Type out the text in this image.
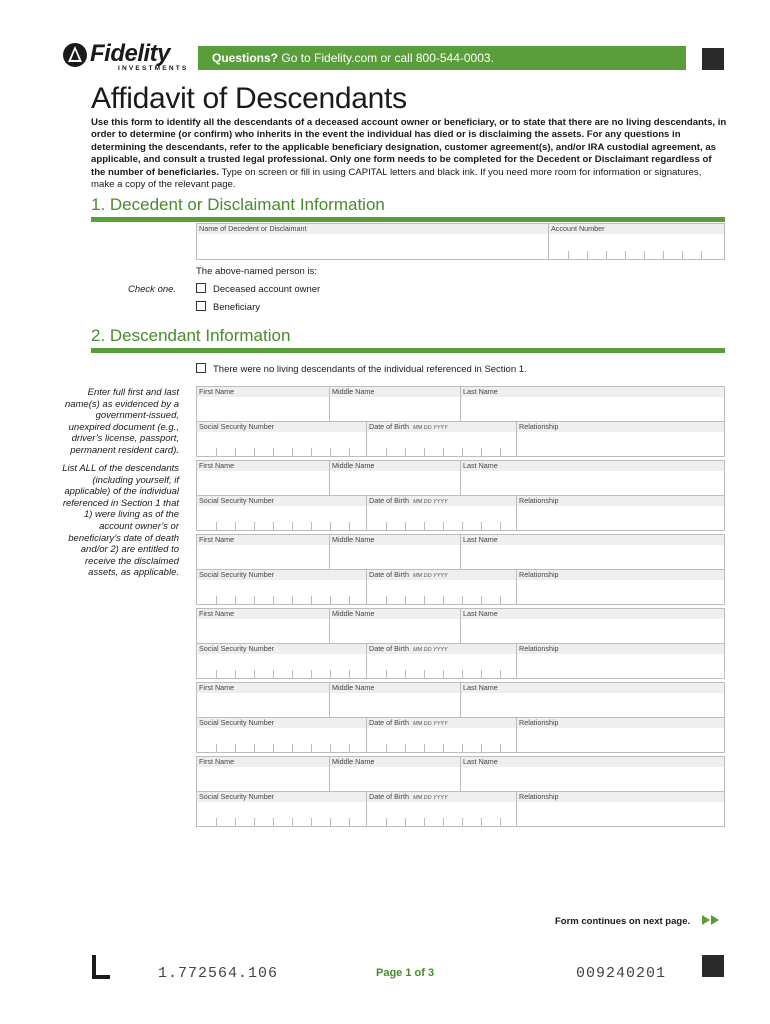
Fidelity
INVESTMENTS
Questions? Go to Fidelity.com or call 800-544-0003.
Affidavit of Descendants
Use this form to identify all the descendants of a deceased account owner or beneficiary, or to state that there are no living descendants, in order to determine (or confirm) who inherits in the event the individual has died or is disclaiming the assets. For any questions in determining the descendants, refer to the applicable beneficiary designation, customer agreement(s), and/or IRA custodial agreement, as applicable, and consult a trusted legal professional. Only one form needs to be completed for the Decedent or Disclaimant regardless of the number of beneficiaries. Type on screen or fill in using CAPITAL letters and black ink. If you need more room for information or signatures, make a copy of the relevant page.
1. Decedent or Disclaimant Information
Name of Decedent or Disclaimant	Account Number
The above-named person is:
Check one.	Deceased account owner
Beneficiary
2. Descendant Information
There were no living descendants of the individual referenced in Section 1.
Enter full first and last name(s) as evidenced by a government-issued, unexpired document (e.g., driver’s license, passport, permanent resident card).
List ALL of the descendants (including yourself, if applicable) of the individual referenced in Section 1 that 1) were living as of the account owner’s or beneficiary’s date of death and/or 2) are entitled to receive the disclaimed assets, as applicable.
First Name	Middle Name	Last Name
Social Security Number	Date of Birth MM DD YYYY	Relationship
First Name	Middle Name	Last Name
Social Security Number	Date of Birth MM DD YYYY	Relationship
First Name	Middle Name	Last Name
Social Security Number	Date of Birth MM DD YYYY	Relationship
First Name	Middle Name	Last Name
Social Security Number	Date of Birth MM DD YYYY	Relationship
First Name	Middle Name	Last Name
Social Security Number	Date of Birth MM DD YYYY	Relationship
First Name	Middle Name	Last Name
Social Security Number	Date of Birth MM DD YYYY	Relationship
Form continues on next page.
1.772564.106	Page 1 of 3	009240201
